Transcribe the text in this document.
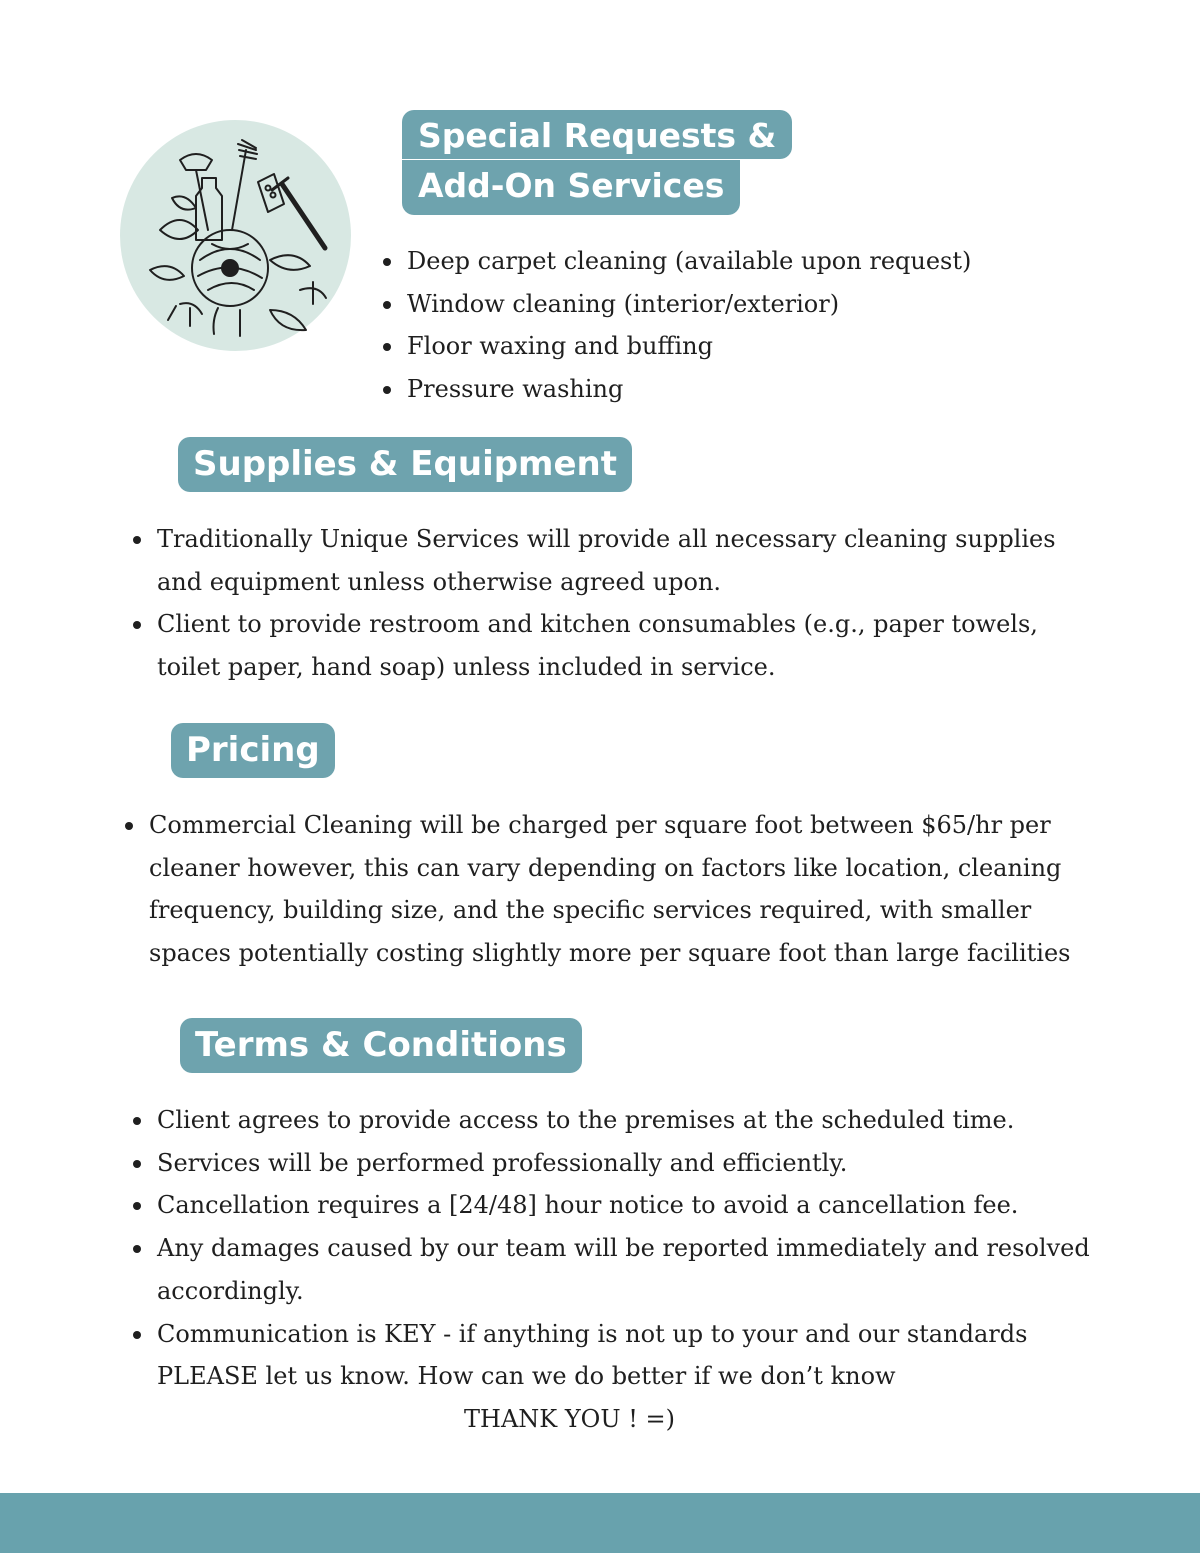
Special Requests &
Add-On Services
Deep carpet cleaning (available upon request)
Window cleaning (interior/exterior)
Floor waxing and buffing
Pressure washing
Supplies & Equipment
Traditionally Unique Services will provide all necessary cleaning supplies and equipment unless otherwise agreed upon.
Client to provide restroom and kitchen consumables (e.g., paper towels, toilet paper, hand soap) unless included in service.
Pricing
Commercial Cleaning will be charged per square foot between $65/hr per cleaner however, this can vary depending on factors like location, cleaning frequency, building size, and the specific services required, with smaller spaces potentially costing slightly more per square foot than large facilities
Terms & Conditions
Client agrees to provide access to the premises at the scheduled time.
Services will be performed professionally and efficiently.
Cancellation requires a [24/48] hour notice to avoid a cancellation fee.
Any damages caused by our team will be reported immediately and resolved accordingly.
Communication is KEY - if anything is not up to your and our standards PLEASE let us know. How can we do better if we don’t know
THANK YOU ! =)
